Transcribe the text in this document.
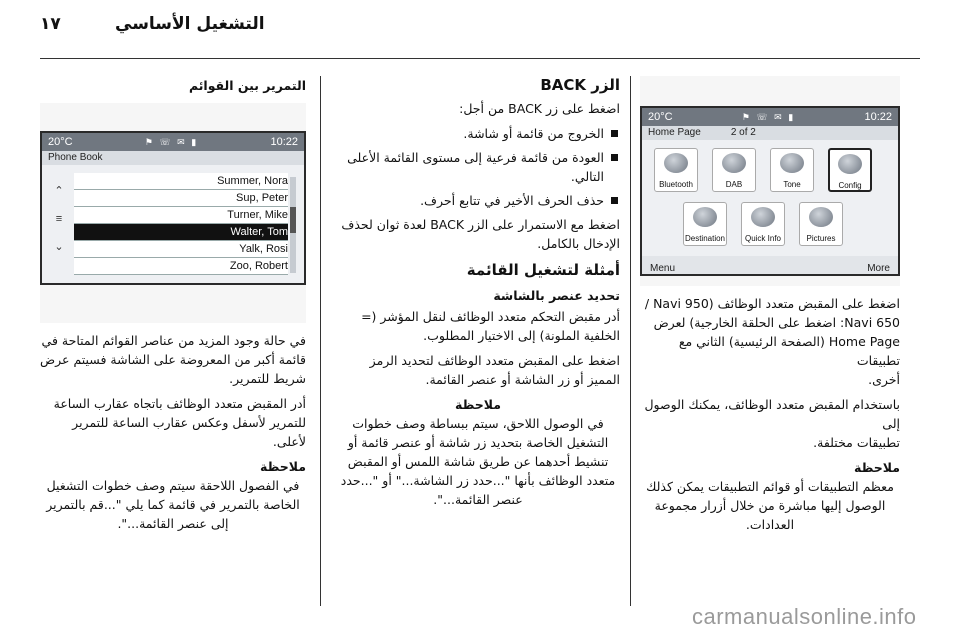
١٧	التشغيل الأساسي
التمرير بين القوائم
20°C	⚑ ☏ ✉ ▮	10:22
Phone Book
⌃
≡
⌄
Summer, Nora
Sup, Peter
Turner, Mike
Walter, Tom
Yalk, Rosi
Zoo, Robert

في حالة وجود المزيد من عناصر القوائم المتاحة في قائمة أكبر من المعروضة على الشاشة فسيتم عرض شريط للتمرير.

أدر المقبض متعدد الوظائف باتجاه عقارب الساعة للتمرير لأسفل وعكس عقارب الساعة للتمرير لأعلى.

ملاحظة

في الفصول اللاحقة سيتم وصف خطوات التشغيل الخاصة بالتمرير في قائمة كما يلي "...قم بالتمرير إلى عنصر القائمة...".

الزر BACK

اضغط على زر BACK من أجل:

الخروج من قائمة أو شاشة.
العودة من قائمة فرعية إلى مستوى القائمة الأعلى التالي.
حذف الحرف الأخير في تتابع أحرف.

اضغط مع الاستمرار على الزر BACK لعدة ثوان لحذف الإدخال بالكامل.

أمثلة لتشغيل القائمة
تحديد عنصر بالشاشة

أدر مقبض التحكم متعدد الوظائف لنقل المؤشر (= الخلفية الملونة) إلى الاختيار المطلوب.

اضغط على المقبض متعدد الوظائف لتحديد الرمز المميز أو زر الشاشة أو عنصر القائمة.

ملاحظة

في الوصول اللاحق، سيتم ببساطة وصف خطوات التشغيل الخاصة بتحديد زر شاشة أو عنصر قائمة أو تنشيط أحدهما عن طريق شاشة اللمس أو المقبض متعدد الوظائف بأنها "...حدد زر الشاشة..." أو "...حدد عنصر القائمة...".

20°C	⚑ ☏ ✉ ▮	10:22
Home Page	2 of 2
Bluetooth	DAB	Tone	Config
Destination	Quick Info	Pictures
Menu	More

اضغط على المقبض متعدد الوظائف (Navi 950 /

Navi 650: اضغط على الحلقة الخارجية) لعرض

Home Page (الصفحة الرئيسية) الثاني مع تطبيقات

أخرى.

باستخدام المقبض متعدد الوظائف، يمكنك الوصول إلى

تطبيقات مختلفة.

ملاحظة

معظم التطبيقات أو قوائم التطبيقات يمكن كذلك الوصول إليها مباشرة من خلال أزرار مجموعة العدادات.

carmanualsonline.info
